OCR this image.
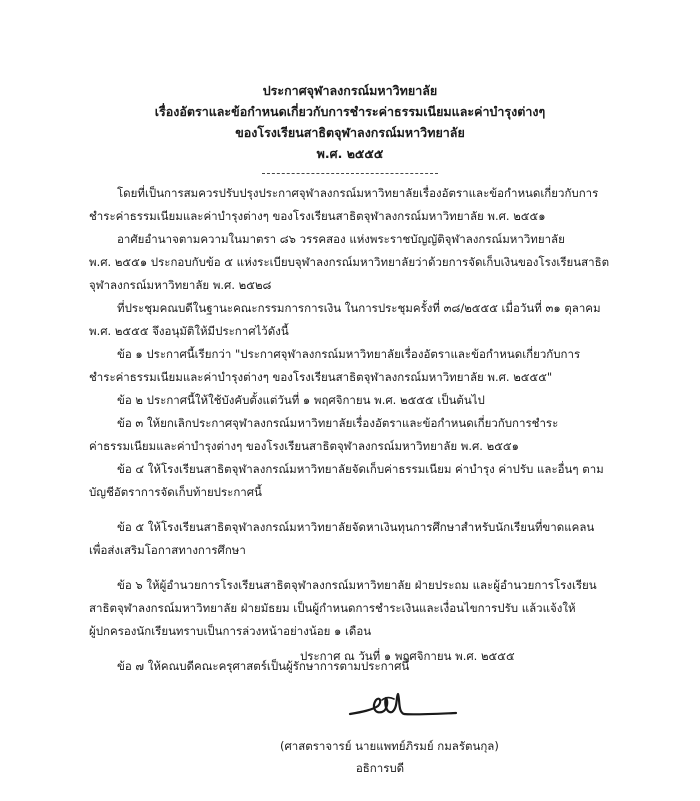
ประกาศจุฬาลงกรณ์มหาวิทยาลัย
เรื่องอัตราและข้อกำหนดเกี่ยวกับการชำระค่าธรรมเนียมและค่าบำรุงต่างๆ
ของโรงเรียนสาธิตจุฬาลงกรณ์มหาวิทยาลัย
พ.ศ. ๒๕๕๕
โดยที่เป็นการสมควรปรับปรุงประกาศจุฬาลงกรณ์มหาวิทยาลัยเรื่องอัตราและข้อกำหนดเกี่ยวกับการ
ชำระค่าธรรมเนียมและค่าบำรุงต่างๆ ของโรงเรียนสาธิตจุฬาลงกรณ์มหาวิทยาลัย พ.ศ. ๒๕๕๑
อาศัยอำนาจตามความในมาตรา ๘๖ วรรคสอง แห่งพระราชบัญญัติจุฬาลงกรณ์มหาวิทยาลัย
พ.ศ. ๒๕๕๑ ประกอบกับข้อ ๕ แห่งระเบียบจุฬาลงกรณ์มหาวิทยาลัยว่าด้วยการจัดเก็บเงินของโรงเรียนสาธิต
จุฬาลงกรณ์มหาวิทยาลัย พ.ศ. ๒๕๒๘
ที่ประชุมคณบดีในฐานะคณะกรรมการการเงิน ในการประชุมครั้งที่ ๓๘/๒๕๕๕ เมื่อวันที่ ๓๑ ตุลาคม
พ.ศ. ๒๕๕๕ จึงอนุมัติให้มีประกาศไว้ดังนี้
ข้อ ๑ ประกาศนี้เรียกว่า "ประกาศจุฬาลงกรณ์มหาวิทยาลัยเรื่องอัตราและข้อกำหนดเกี่ยวกับการ
ชำระค่าธรรมเนียมและค่าบำรุงต่างๆ ของโรงเรียนสาธิตจุฬาลงกรณ์มหาวิทยาลัย พ.ศ. ๒๕๕๕"
ข้อ ๒ ประกาศนี้ให้ใช้บังคับตั้งแต่วันที่ ๑ พฤศจิกายน พ.ศ. ๒๕๕๕ เป็นต้นไป
ข้อ ๓ ให้ยกเลิกประกาศจุฬาลงกรณ์มหาวิทยาลัยเรื่องอัตราและข้อกำหนดเกี่ยวกับการชำระ
ค่าธรรมเนียมและค่าบำรุงต่างๆ ของโรงเรียนสาธิตจุฬาลงกรณ์มหาวิทยาลัย พ.ศ. ๒๕๕๑
ข้อ ๔ ให้โรงเรียนสาธิตจุฬาลงกรณ์มหาวิทยาลัยจัดเก็บค่าธรรมเนียม ค่าบำรุง ค่าปรับ และอื่นๆ ตาม
บัญชีอัตราการจัดเก็บท้ายประกาศนี้
ข้อ ๕ ให้โรงเรียนสาธิตจุฬาลงกรณ์มหาวิทยาลัยจัดหาเงินทุนการศึกษาสำหรับนักเรียนที่ขาดแคลน
เพื่อส่งเสริมโอกาสทางการศึกษา
ข้อ ๖ ให้ผู้อำนวยการโรงเรียนสาธิตจุฬาลงกรณ์มหาวิทยาลัย ฝ่ายประถม และผู้อำนวยการโรงเรียน
สาธิตจุฬาลงกรณ์มหาวิทยาลัย ฝ่ายมัธยม เป็นผู้กำหนดการชำระเงินและเงื่อนไขการปรับ แล้วแจ้งให้
ผู้ปกครองนักเรียนทราบเป็นการล่วงหน้าอย่างน้อย ๑ เดือน
ข้อ ๗ ให้คณบดีคณะครุศาสตร์เป็นผู้รักษาการตามประกาศนี้
ประกาศ ณ วันที่ ๑ พฤศจิกายน พ.ศ. ๒๕๕๕
(ศาสตราจารย์ นายแพทย์ภิรมย์ กมลรัตนกุล)
อธิการบดี
